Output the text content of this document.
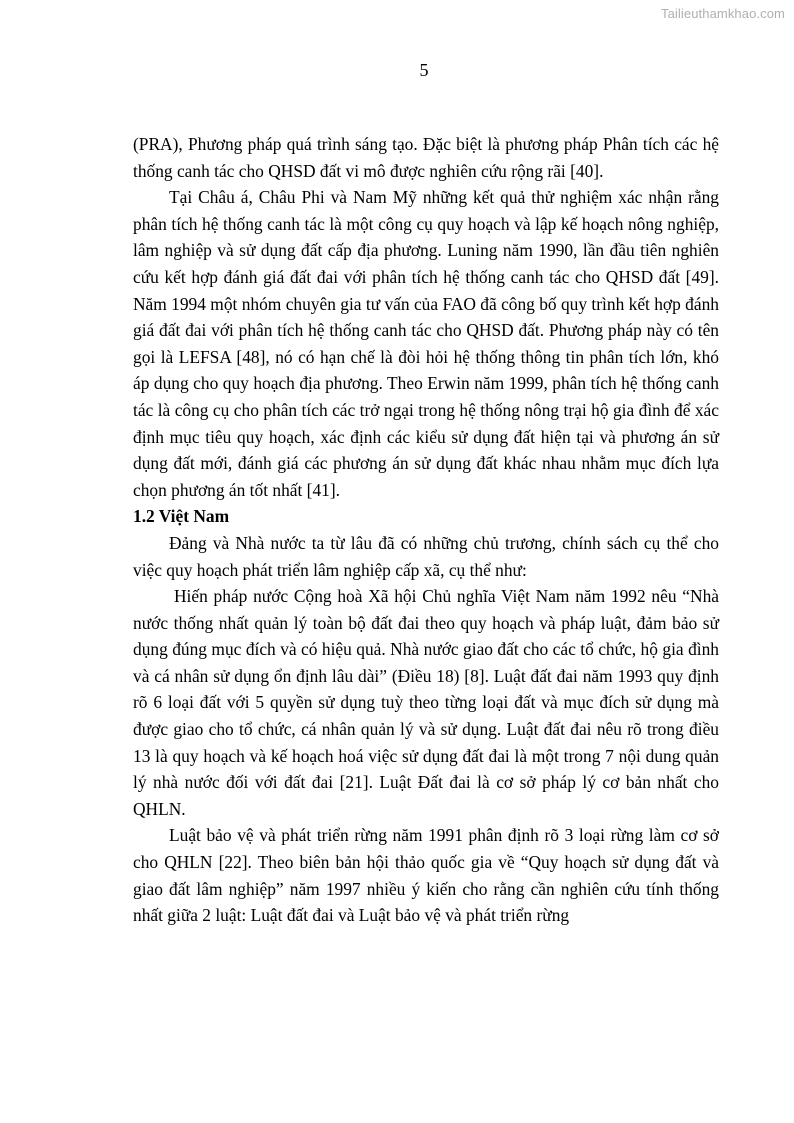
Tailieuthamkhao.com
5

(PRA), Phương pháp quá trình sáng tạo. Đặc biệt là phương pháp Phân tích các hệ thống canh tác cho QHSD đất vi mô được nghiên cứu rộng rãi [40].

Tại Châu á, Châu Phi và Nam Mỹ những kết quả thử nghiệm xác nhận rằng phân tích hệ thống canh tác là một công cụ quy hoạch và lập kế hoạch nông nghiệp, lâm nghiệp và sử dụng đất cấp địa phương. Luning năm 1990, lần đầu tiên nghiên cứu kết hợp đánh giá đất đai với phân tích hệ thống canh tác cho QHSD đất [49]. Năm 1994 một nhóm chuyên gia tư vấn của FAO đã công bố quy trình kết hợp đánh giá đất đai với phân tích hệ thống canh tác cho QHSD đất. Phương pháp này có tên gọi là LEFSA [48], nó có hạn chế là đòi hỏi hệ thống thông tin phân tích lớn, khó áp dụng cho quy hoạch địa phương. Theo Erwin năm 1999, phân tích hệ thống canh tác là công cụ cho phân tích các trở ngại trong hệ thống nông trại hộ gia đình để xác định mục tiêu quy hoạch, xác định các kiểu sử dụng đất hiện tại và phương án sử dụng đất mới, đánh giá các phương án sử dụng đất khác nhau nhằm mục đích lựa chọn phương án tốt nhất [41].

1.2 Việt Nam

Đảng và Nhà nước ta từ lâu đã có những chủ trương, chính sách cụ thể cho việc quy hoạch phát triển lâm nghiệp cấp xã, cụ thể như:

Hiến pháp nước Cộng hoà Xã hội Chủ nghĩa Việt Nam năm 1992 nêu “Nhà nước thống nhất quản lý toàn bộ đất đai theo quy hoạch và pháp luật, đảm bảo sử dụng đúng mục đích và có hiệu quả. Nhà nước giao đất cho các tổ chức, hộ gia đình và cá nhân sử dụng ổn định lâu dài” (Điều 18) [8]. Luật đất đai năm 1993 quy định rõ 6 loại đất với 5 quyền sử dụng tuỳ theo từng loại đất và mục đích sử dụng mà được giao cho tổ chức, cá nhân quản lý và sử dụng. Luật đất đai nêu rõ trong điều 13 là quy hoạch và kế hoạch hoá việc sử dụng đất đai là một trong 7 nội dung quản lý nhà nước đối với đất đai [21]. Luật Đất đai là cơ sở pháp lý cơ bản nhất cho QHLN.

Luật bảo vệ và phát triển rừng năm 1991 phân định rõ 3 loại rừng làm cơ sở cho QHLN [22]. Theo biên bản hội thảo quốc gia về “Quy hoạch sử dụng đất và giao đất lâm nghiệp” năm 1997 nhiều ý kiến cho rằng cần nghiên cứu tính thống nhất giữa 2 luật: Luật đất đai và Luật bảo vệ và phát triển rừng
